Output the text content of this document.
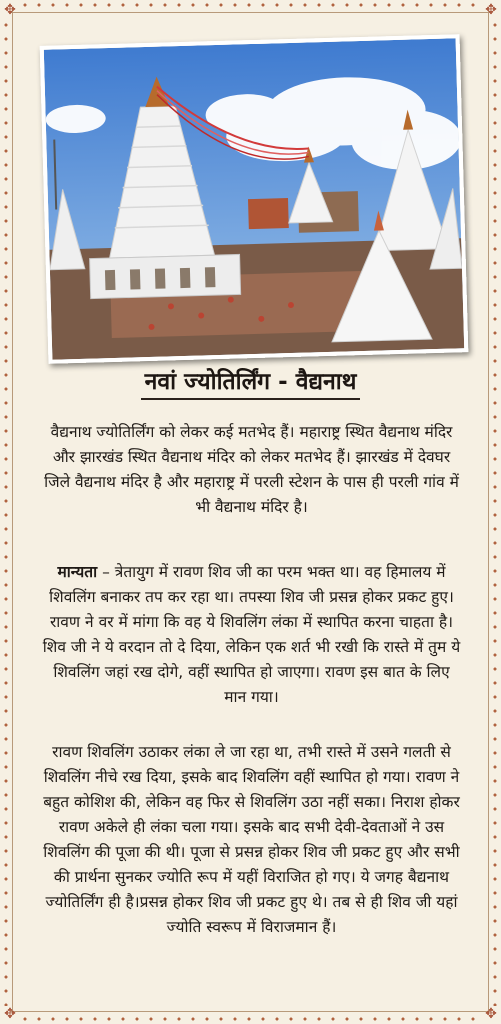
✥	✥
✥	✥
नवां ज्योतिर्लिंग - वैद्यनाथ
वैद्यनाथ ज्योतिर्लिंग को लेकर कई मतभेद हैं। महाराष्ट्र स्थित वैद्यनाथ मंदिर और झारखंड स्थित वैद्यनाथ मंदिर को लेकर मतभेद हैं। झारखंड में देवघर जिले वैद्यनाथ मंदिर है और महाराष्ट्र में परली स्टेशन के पास ही परली गांव में भी वैद्यनाथ मंदिर है।
मान्यता – त्रेतायुग में रावण शिव जी का परम भक्त था। वह हिमालय में शिवलिंग बनाकर तप कर रहा था। तपस्या शिव जी प्रसन्न होकर प्रकट हुए। रावण ने वर में मांगा कि वह ये शिवलिंग लंका में स्थापित करना चाहता है। शिव जी ने ये वरदान तो दे दिया, लेकिन एक शर्त भी रखी कि रास्ते में तुम ये शिवलिंग जहां रख दोगे, वहीं स्थापित हो जाएगा। रावण इस बात के लिए मान गया।
रावण शिवलिंग उठाकर लंका ले जा रहा था, तभी रास्ते में उसने गलती से शिवलिंग नीचे रख दिया, इसके बाद शिवलिंग वहीं स्थापित हो गया। रावण ने बहुत कोशिश की, लेकिन वह फिर से शिवलिंग उठा नहीं सका। निराश होकर रावण अकेले ही लंका चला गया। इसके बाद सभी देवी-देवताओं ने उस शिवलिंग की पूजा की थी। पूजा से प्रसन्न होकर शिव जी प्रकट हुए और सभी की प्रार्थना सुनकर ज्योति रूप में यहीं विराजित हो गए। ये जगह बैद्यनाथ ज्योतिर्लिंग ही है।प्रसन्न होकर शिव जी प्रकट हुए थे। तब से ही शिव जी यहां ज्योति स्वरूप में विराजमान हैं।
